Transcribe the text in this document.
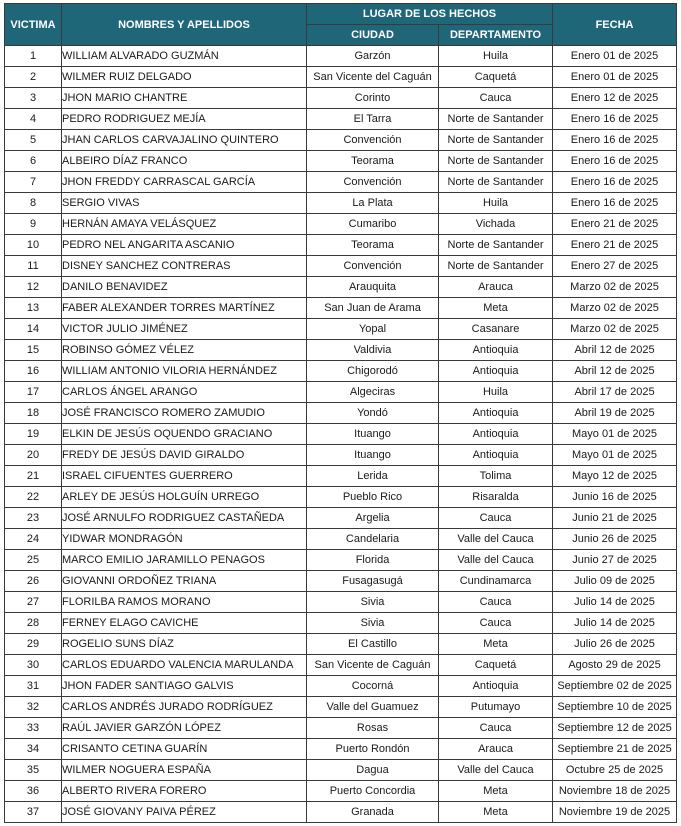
VICTIMA	NOMBRES Y APELLIDOS	LUGAR DE LOS HECHOS		FECHA
		CIUDAD	DEPARTAMENTO	
1	WILLIAM ALVARADO GUZMÁN	Garzón	Huila	Enero 01 de 2025
2	WILMER RUIZ DELGADO	San Vicente del Caguán	Caquetá	Enero 01 de 2025
3	JHON MARIO CHANTRE	Corinto	Cauca	Enero 12 de 2025
4	PEDRO RODRIGUEZ MEJÍA	El Tarra	Norte de Santander	Enero 16 de 2025
5	JHAN CARLOS CARVAJALINO QUINTERO	Convención	Norte de Santander	Enero 16 de 2025
6	ALBEIRO DÍAZ FRANCO	Teorama	Norte de Santander	Enero 16 de 2025
7	JHON FREDDY CARRASCAL GARCÍA	Convención	Norte de Santander	Enero 16 de 2025
8	SERGIO VIVAS	La Plata	Huila	Enero 16 de 2025
9	HERNÁN AMAYA VELÁSQUEZ	Cumaribo	Vichada	Enero 21 de 2025
10	PEDRO NEL ANGARITA ASCANIO	Teorama	Norte de Santander	Enero 21 de 2025
11	DISNEY SANCHEZ CONTRERAS	Convención	Norte de Santander	Enero 27 de 2025
12	DANILO BENAVIDEZ	Arauquita	Arauca	Marzo 02 de 2025
13	FABER ALEXANDER TORRES MARTÍNEZ	San Juan de Arama	Meta	Marzo 02 de 2025
14	VICTOR JULIO JIMÉNEZ	Yopal	Casanare	Marzo 02 de 2025
15	ROBINSO GÓMEZ VÉLEZ	Valdivia	Antioquia	Abril 12 de 2025
16	WILLIAM ANTONIO VILORIA HERNÁNDEZ	Chigorodó	Antioquia	Abril 12 de 2025
17	CARLOS ÁNGEL ARANGO	Algeciras	Huila	Abril 17 de 2025
18	JOSÉ FRANCISCO ROMERO ZAMUDIO	Yondó	Antioquia	Abril 19 de 2025
19	ELKIN DE JESÚS OQUENDO GRACIANO	Ituango	Antioquia	Mayo 01 de 2025
20	FREDY DE JESÚS DAVID GIRALDO	Ituango	Antioquia	Mayo 01 de 2025
21	ISRAEL CIFUENTES GUERRERO	Lerida	Tolima	Mayo 12 de 2025
22	ARLEY DE JESÚS HOLGUÍN URREGO	Pueblo Rico	Risaralda	Junio 16 de 2025
23	JOSÉ ARNULFO RODRIGUEZ CASTAÑEDA	Argelia	Cauca	Junio 21 de 2025
24	YIDWAR MONDRAGÓN	Candelaria	Valle del Cauca	Junio 26 de 2025
25	MARCO EMILIO JARAMILLO PENAGOS	Florida	Valle del Cauca	Junio 27 de 2025
26	GIOVANNI ORDOÑEZ TRIANA	Fusagasugá	Cundinamarca	Julio 09 de 2025
27	FLORILBA RAMOS MORANO	Sivia	Cauca	Julio 14 de 2025
28	FERNEY ELAGO CAVICHE	Sivia	Cauca	Julio 14 de 2025
29	ROGELIO SUNS DÍAZ	El Castillo	Meta	Julio 26 de 2025
30	CARLOS EDUARDO VALENCIA MARULANDA	San Vicente de Caguán	Caquetá	Agosto 29 de 2025
31	JHON FADER SANTIAGO GALVIS	Cocorná	Antioquia	Septiembre 02 de 2025
32	CARLOS ANDRÉS JURADO RODRÍGUEZ	Valle del Guamuez	Putumayo	Septiembre 10 de 2025
33	RAÚL JAVIER GARZÓN LÓPEZ	Rosas	Cauca	Septiembre 12 de 2025
34	CRISANTO CETINA GUARÍN	Puerto Rondón	Arauca	Septiembre 21 de 2025
35	WILMER NOGUERA ESPAÑA	Dagua	Valle del Cauca	Octubre 25 de 2025
36	ALBERTO RIVERA FORERO	Puerto Concordia	Meta	Noviembre 18 de 2025
37	JOSÉ GIOVANY PAIVA PÉREZ	Granada	Meta	Noviembre 19 de 2025
